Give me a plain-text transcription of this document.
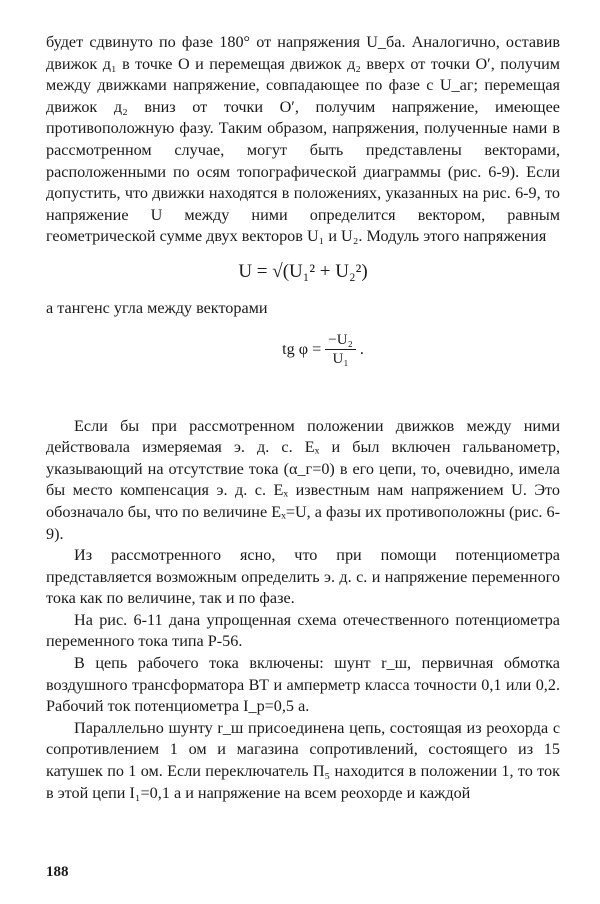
будет сдвинуто по фазе 180° от напряжения U_ба. Аналогично, оставив движок д₁ в точке O и перемещая движок д₂ вверх от точки O′, получим между движками напряжение, совпадающее по фазе с U_аг; перемещая движок д₂ вниз от точки O′, получим напряжение, имеющее противоположную фазу. Таким образом, напряжения, полученные нами в рассмотренном случае, могут быть представлены векторами, расположенными по осям топографической диаграммы (рис. 6-9). Если допустить, что движки находятся в положениях, указанных на рис. 6-9, то напряжение U между ними определится вектором, равным геометрической сумме двух векторов U₁ и U₂. Модуль этого напряжения

U = √(U₁² + U₂²)

а тангенс угла между векторами

tg $\varphi = \frac{\text{−U₂}}{\text{U₁}}$ .

Если бы при рассмотренном положении движков между ними действовала измеряемая э. д. с. Eₓ и был включен гальванометр, указывающий на отсутствие тока (α_г=0) в его цепи, то, очевидно, имела бы место компенсация э. д. с. Eₓ известным нам напряжением U. Это обозначало бы, что по величине Eₓ=U, а фазы их противоположны (рис. 6-9).

Из рассмотренного ясно, что при помощи потенциометра представляется возможным определить э. д. с. и напряжение переменного тока как по величине, так и по фазе.

На рис. 6-11 дана упрощенная схема отечественного потенциометра переменного тока типа Р-56.

В цепь рабочего тока включены: шунт r_ш, первичная обмотка воздушного трансформатора ВТ и амперметр класса точности 0,1 или 0,2. Рабочий ток потенциометра I_р=0,5 а.

Параллельно шунту r_ш присоединена цепь, состоящая из реохорда с сопротивлением 1 ом и магазина сопротивлений, состоящего из 15 катушек по 1 ом. Если переключатель П₅ находится в положении 1, то ток в этой цепи I₁=0,1 а и напряжение на всем реохорде и каждой

188
